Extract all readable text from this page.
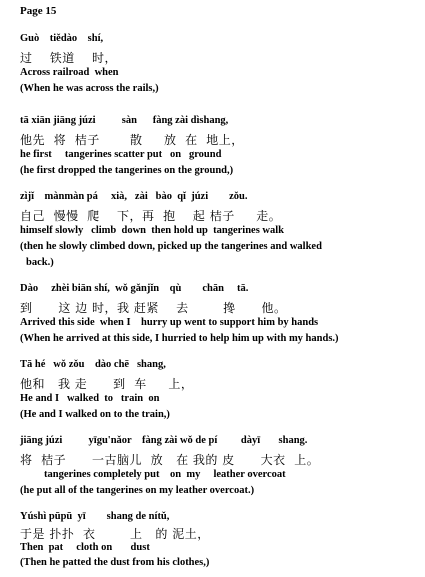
Page 15
Guò    tiědào    shí,
过    铁道    时，
Across railroad  when
(When he was across the rails,)
tā xiān jiāng júzi          sàn      fàng zài dìshang,
他先  将  桔子       散     放  在  地上，
he first     tangerines scatter put   on   ground
(he first dropped the tangerines on the ground,)
zìjǐ    mànmàn pá     xià,   zài   bào  qǐ  júzi        zǒu.
自己  慢慢  爬    下，再  抱    起 桔子     走。
himself slowly   climb  down  then hold up  tangerines walk
(then he slowly climbed down, picked up the tangerines and walked
back.)
Dào     zhèi biān shí,  wǒ gǎnjǐn    qù        chān     tā.
到      这 边 时，我 赶紧    去        搀      他。
Arrived this side  when I    hurry up went to support him by hands
(When he arrived at this side, I hurried to help him up with my hands.)
Tā hé   wǒ zǒu    dào chē   shang,
他和   我 走      到  车     上，
He and I   walked  to   train  on
(He and I walked on to the train,)
jiāng júzi          yīgu'nǎor    fàng zài wǒ de pí         dàyī       shang.
将  桔子      一古脑儿  放   在 我的 皮      大衣  上。
tangerines completely put    on  my     leather overcoat
(he put all of the tangerines on my leather overcoat.)
Yúshì pūpū  yī        shang de nítǔ,
于是 扑扑  衣        上   的 泥土，
Then  pat     cloth on       dust
(Then he patted the dust from his clothes,)
